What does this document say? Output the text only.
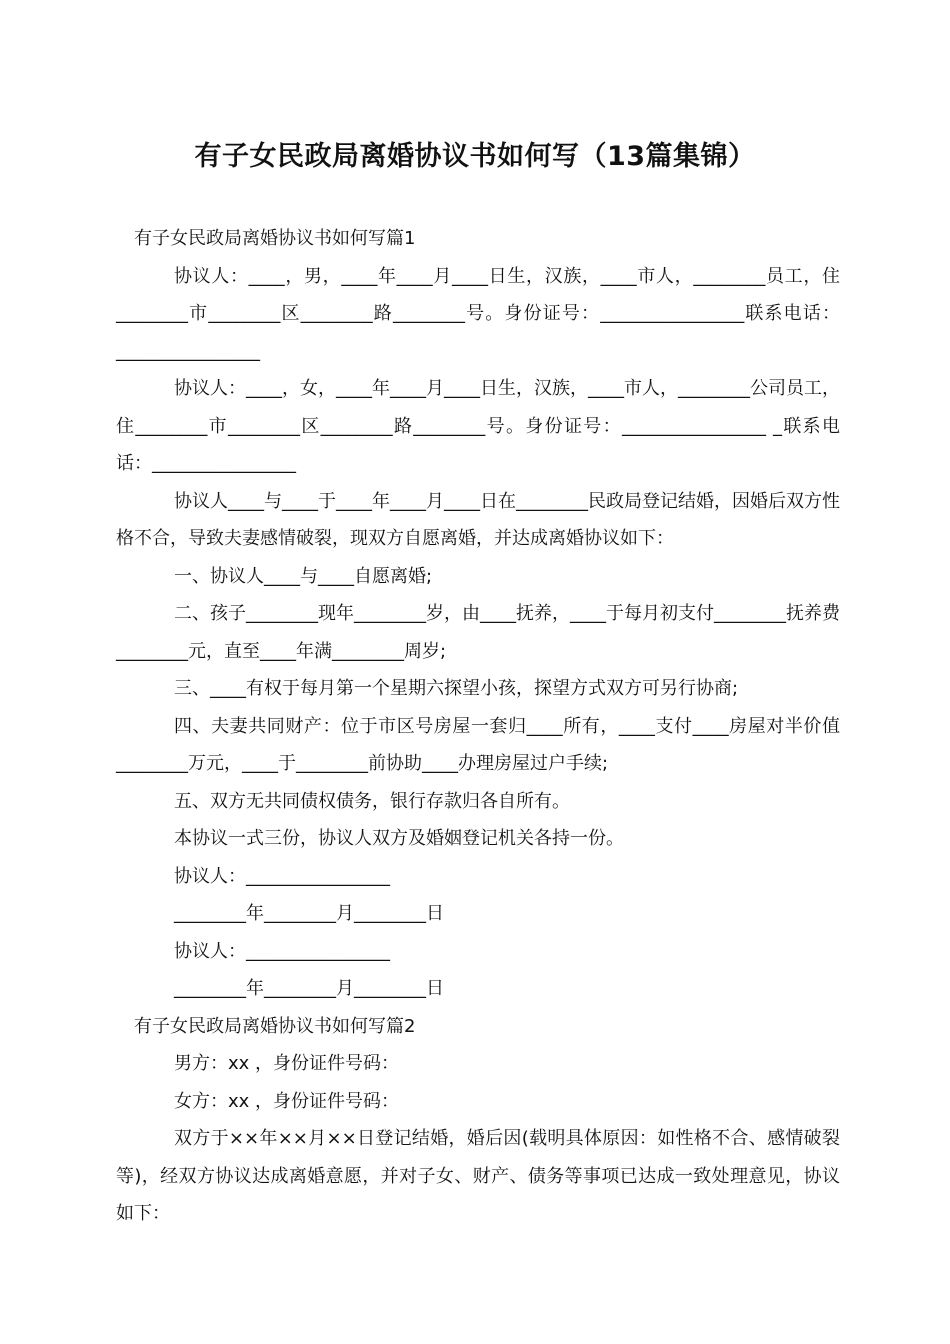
有子女民政局离婚协议书如何写（13篇集锦）

有子女民政局离婚协议书如何写篇1

协议人：____，男，____年____月____日生，汉族，____市人，________员工，住________市________区________路________号。身份证号：________________联系电话：________________

协议人：____，女，____年____月____日生，汉族，____市人，________公司员工，住________市________区________路________号。身份证号：________________ _联系电话：________________

协议人____与____于____年____月____日在________民政局登记结婚，因婚后双方性格不合，导致夫妻感情破裂，现双方自愿离婚，并达成离婚协议如下：

一、协议人____与____自愿离婚;

二、孩子________现年________岁，由____抚养，____于每月初支付________抚养费________元，直至____年满________周岁;

三、____有权于每月第一个星期六探望小孩，探望方式双方可另行协商;

四、夫妻共同财产：位于市区号房屋一套归____所有，____支付____房屋对半价值________万元，____于________前协助____办理房屋过户手续;

五、双方无共同债权债务，银行存款归各自所有。

本协议一式三份，协议人双方及婚姻登记机关各持一份。

协议人：________________

________年________月________日

协议人：________________

________年________月________日

有子女民政局离婚协议书如何写篇2

男方：xx ，身份证件号码：

女方：xx ，身份证件号码：

双方于××年××月××日登记结婚，婚后因(载明具体原因：如性格不合、感情破裂等)，经双方协议达成离婚意愿，并对子女、财产、债务等事项已达成一致处理意见，协议如下：
